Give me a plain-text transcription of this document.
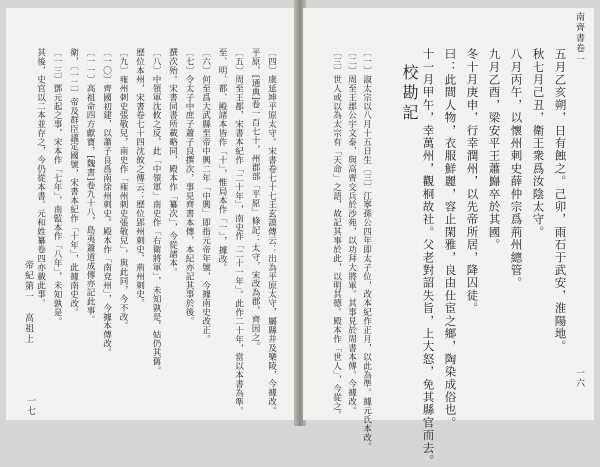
帝紀第一　高祖上
一七	〔四〕康延坤平原太守。宋書卷七十七王玄謨傳云：出為平原太守，屬縣并及樂陵，今據改。
平原，[通典]卷一百七十，州郡部「平原」條記：太守，宋改為郡，齊因之。
〔五〕周至王都，宋書本紀作「二十年」，南史作「二十一年」。此作二十年，當以本書為準。
至、明、都、殿諸本皆作「十」，惟局本作「一」，據改。
〔六〕何至爲大武縣至帝中興二年「中興」即指元帝年號，今據南史改正。
〔七〕令太子中庶子蕭子良撰次，事見齊書本傳，本紀亦記其事於後。
撰次殆。宋書同書所載略同，殿本作「纂次」，今從諸本。
〔八〕中領軍沈攸之反，此「中領軍」南史作「右衛將軍」，未知孰是，姑仍其舊。
歷位本州，宋書卷七十四沈攸之傳云：歷位郢州刺史、荊州刺史。
〔九〕雍州刺史張敬兒，南史作「雍州刺史張敬兒」，與此同，今不改。
〔一〇〕齊國初建，以蕭子良爲南徐州刺史。殿本作「南兗州」，今據本傳改。
〔一一〕高祖命四方獻寶，[魏書]卷九十八，島夷蕭道成傳亦記此事。
衛，〔一二〕帝及群臣議定國號，宋書本紀作「十年」，此據南史改。
〔一三〕鄧元起之事，宋本作「七年」，南監本作「八年」，未知孰是。
其後，史官以二本並存之，今仍從本書。元和姓纂卷四亦載此事。
南齊書卷一
一六
五月乙亥朔，日有蝕之。己卯，雨石于武安，淮陽地。
秋七月己丑，衛王衆爲汝陰太守。
八月丙午，以懷州刺史薛仲宗爲荊州總管。
九月乙酉，梁安平王蕭巋卒於其國。
冬十月庚申，行幸潤州，以先帝所居，降囚徒。
曰：此間人物，衣服鮮麗，容止閑雅，良由仕宦之鄉，陶染成俗也。
十一月甲午，幸萬州，觀桐故社。父老對詔失旨，上大怒，免其縣官而去。
校勘記
〔一〕淑太宗以八月十五日生〔三〕江寧孫公四年即太子位，改本紀作正月，以此為準。據元氏本改。
〔二〕周至王郡公宇文泰，與高齊交兵於沙苑，以功拜大將軍。其事見於周書本傳。今據改。
〔三〕世人或以為太宗有「天命」之語，故記其事於此，以明其德。殿本作「世人」，今從之。
